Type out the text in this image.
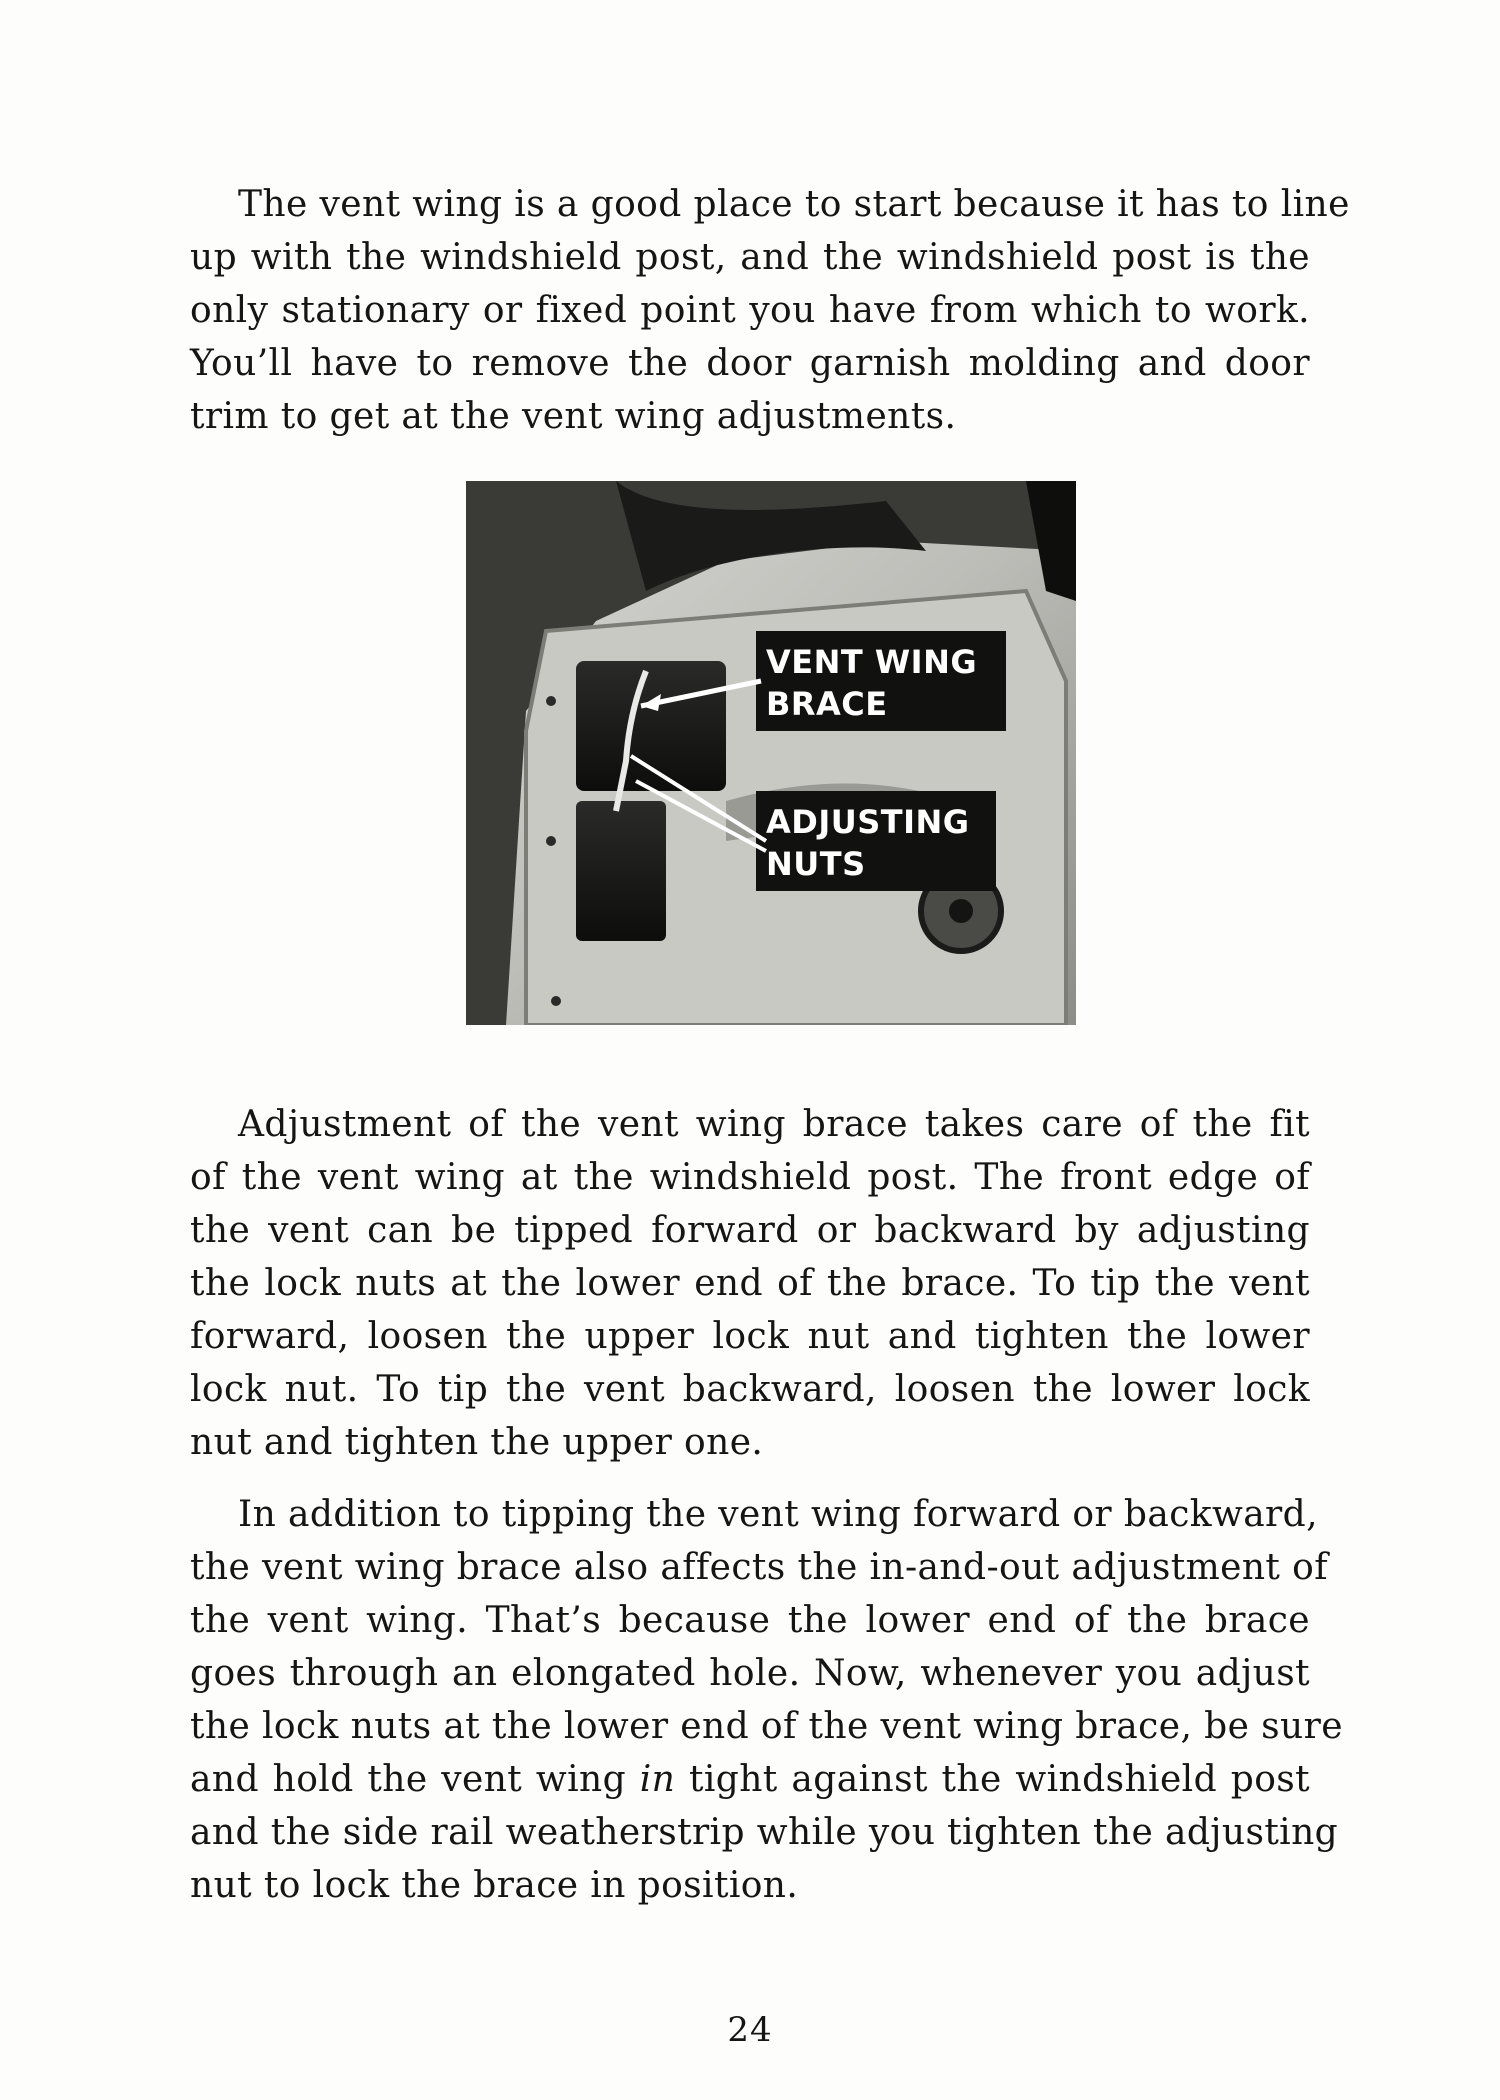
The vent wing is a good place to start because it has to line
up with the windshield post, and the windshield post is the
only stationary or fixed point you have from which to work.
You’ll have to remove the door garnish molding and door
trim to get at the vent wing adjustments.

VENT WING
BRACE
ADJUSTING
NUTS

Adjustment of the vent wing brace takes care of the fit
of the vent wing at the windshield post. The front edge of
the vent can be tipped forward or backward by adjusting
the lock nuts at the lower end of the brace. To tip the vent
forward, loosen the upper lock nut and tighten the lower
lock nut. To tip the vent backward, loosen the lower lock
nut and tighten the upper one.

In addition to tipping the vent wing forward or backward,
the vent wing brace also affects the in-and-out adjustment of
the vent wing. That’s because the lower end of the brace
goes through an elongated hole. Now, whenever you adjust
the lock nuts at the lower end of the vent wing brace, be sure
and hold the vent wing in tight against the windshield post
and the side rail weatherstrip while you tighten the adjusting
nut to lock the brace in position.

24
